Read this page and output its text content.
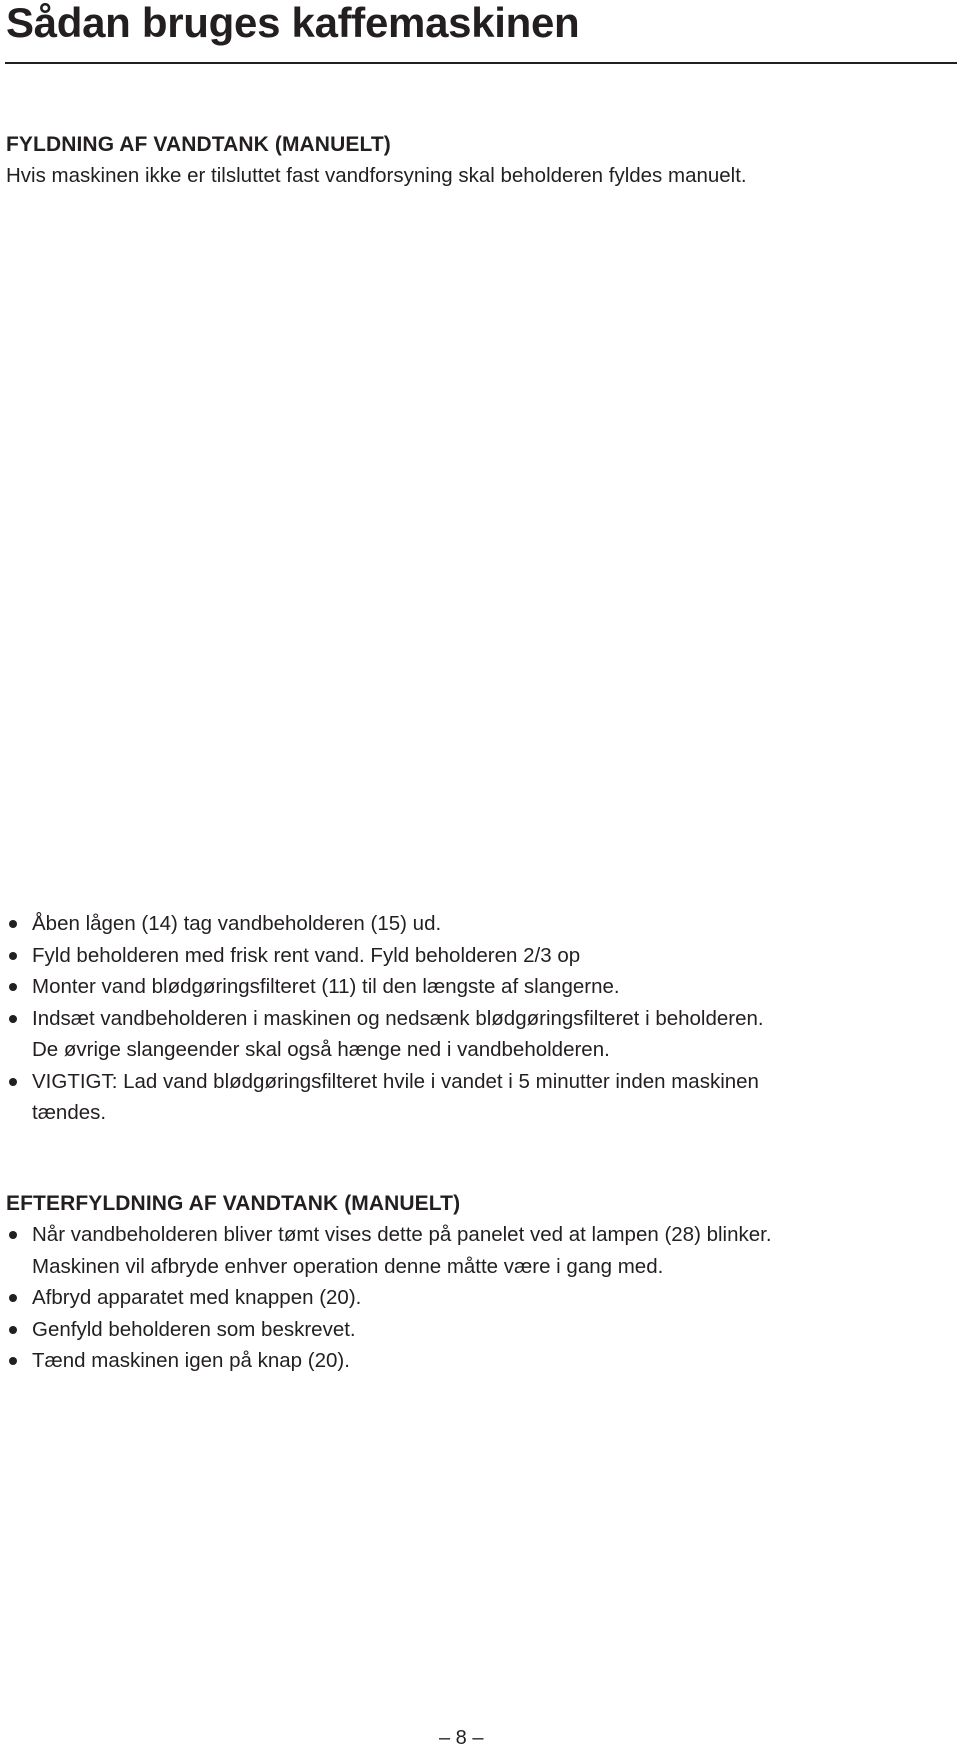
Sådan bruges kaffemaskinen
FYLDNING AF VANDTANK (MANUELT)

Hvis maskinen ikke er tilsluttet fast vandforsyning skal beholderen fyldes manuelt.

Åben lågen (14) tag vandbeholderen (15) ud.
Fyld beholderen med frisk rent vand. Fyld beholderen 2/3 op
Monter vand blødgøringsfilteret (11) til den længste af slangerne.
Indsæt vandbeholderen i maskinen og nedsænk blødgøringsfilteret i beholderen.
De øvrige slangeender skal også hænge ned i vandbeholderen.
VIGTIGT: Lad vand blødgøringsfilteret hvile i vandet i 5 minutter inden maskinen
tændes.
EFTERFYLDNING AF VANDTANK (MANUELT)
Når vandbeholderen bliver tømt vises dette på panelet ved at lampen (28) blinker.
Maskinen vil afbryde enhver operation denne måtte være i gang med.
Afbryd apparatet med knappen (20).
Genfyld beholderen som beskrevet.
Tænd maskinen igen på knap (20).
– 8 –
